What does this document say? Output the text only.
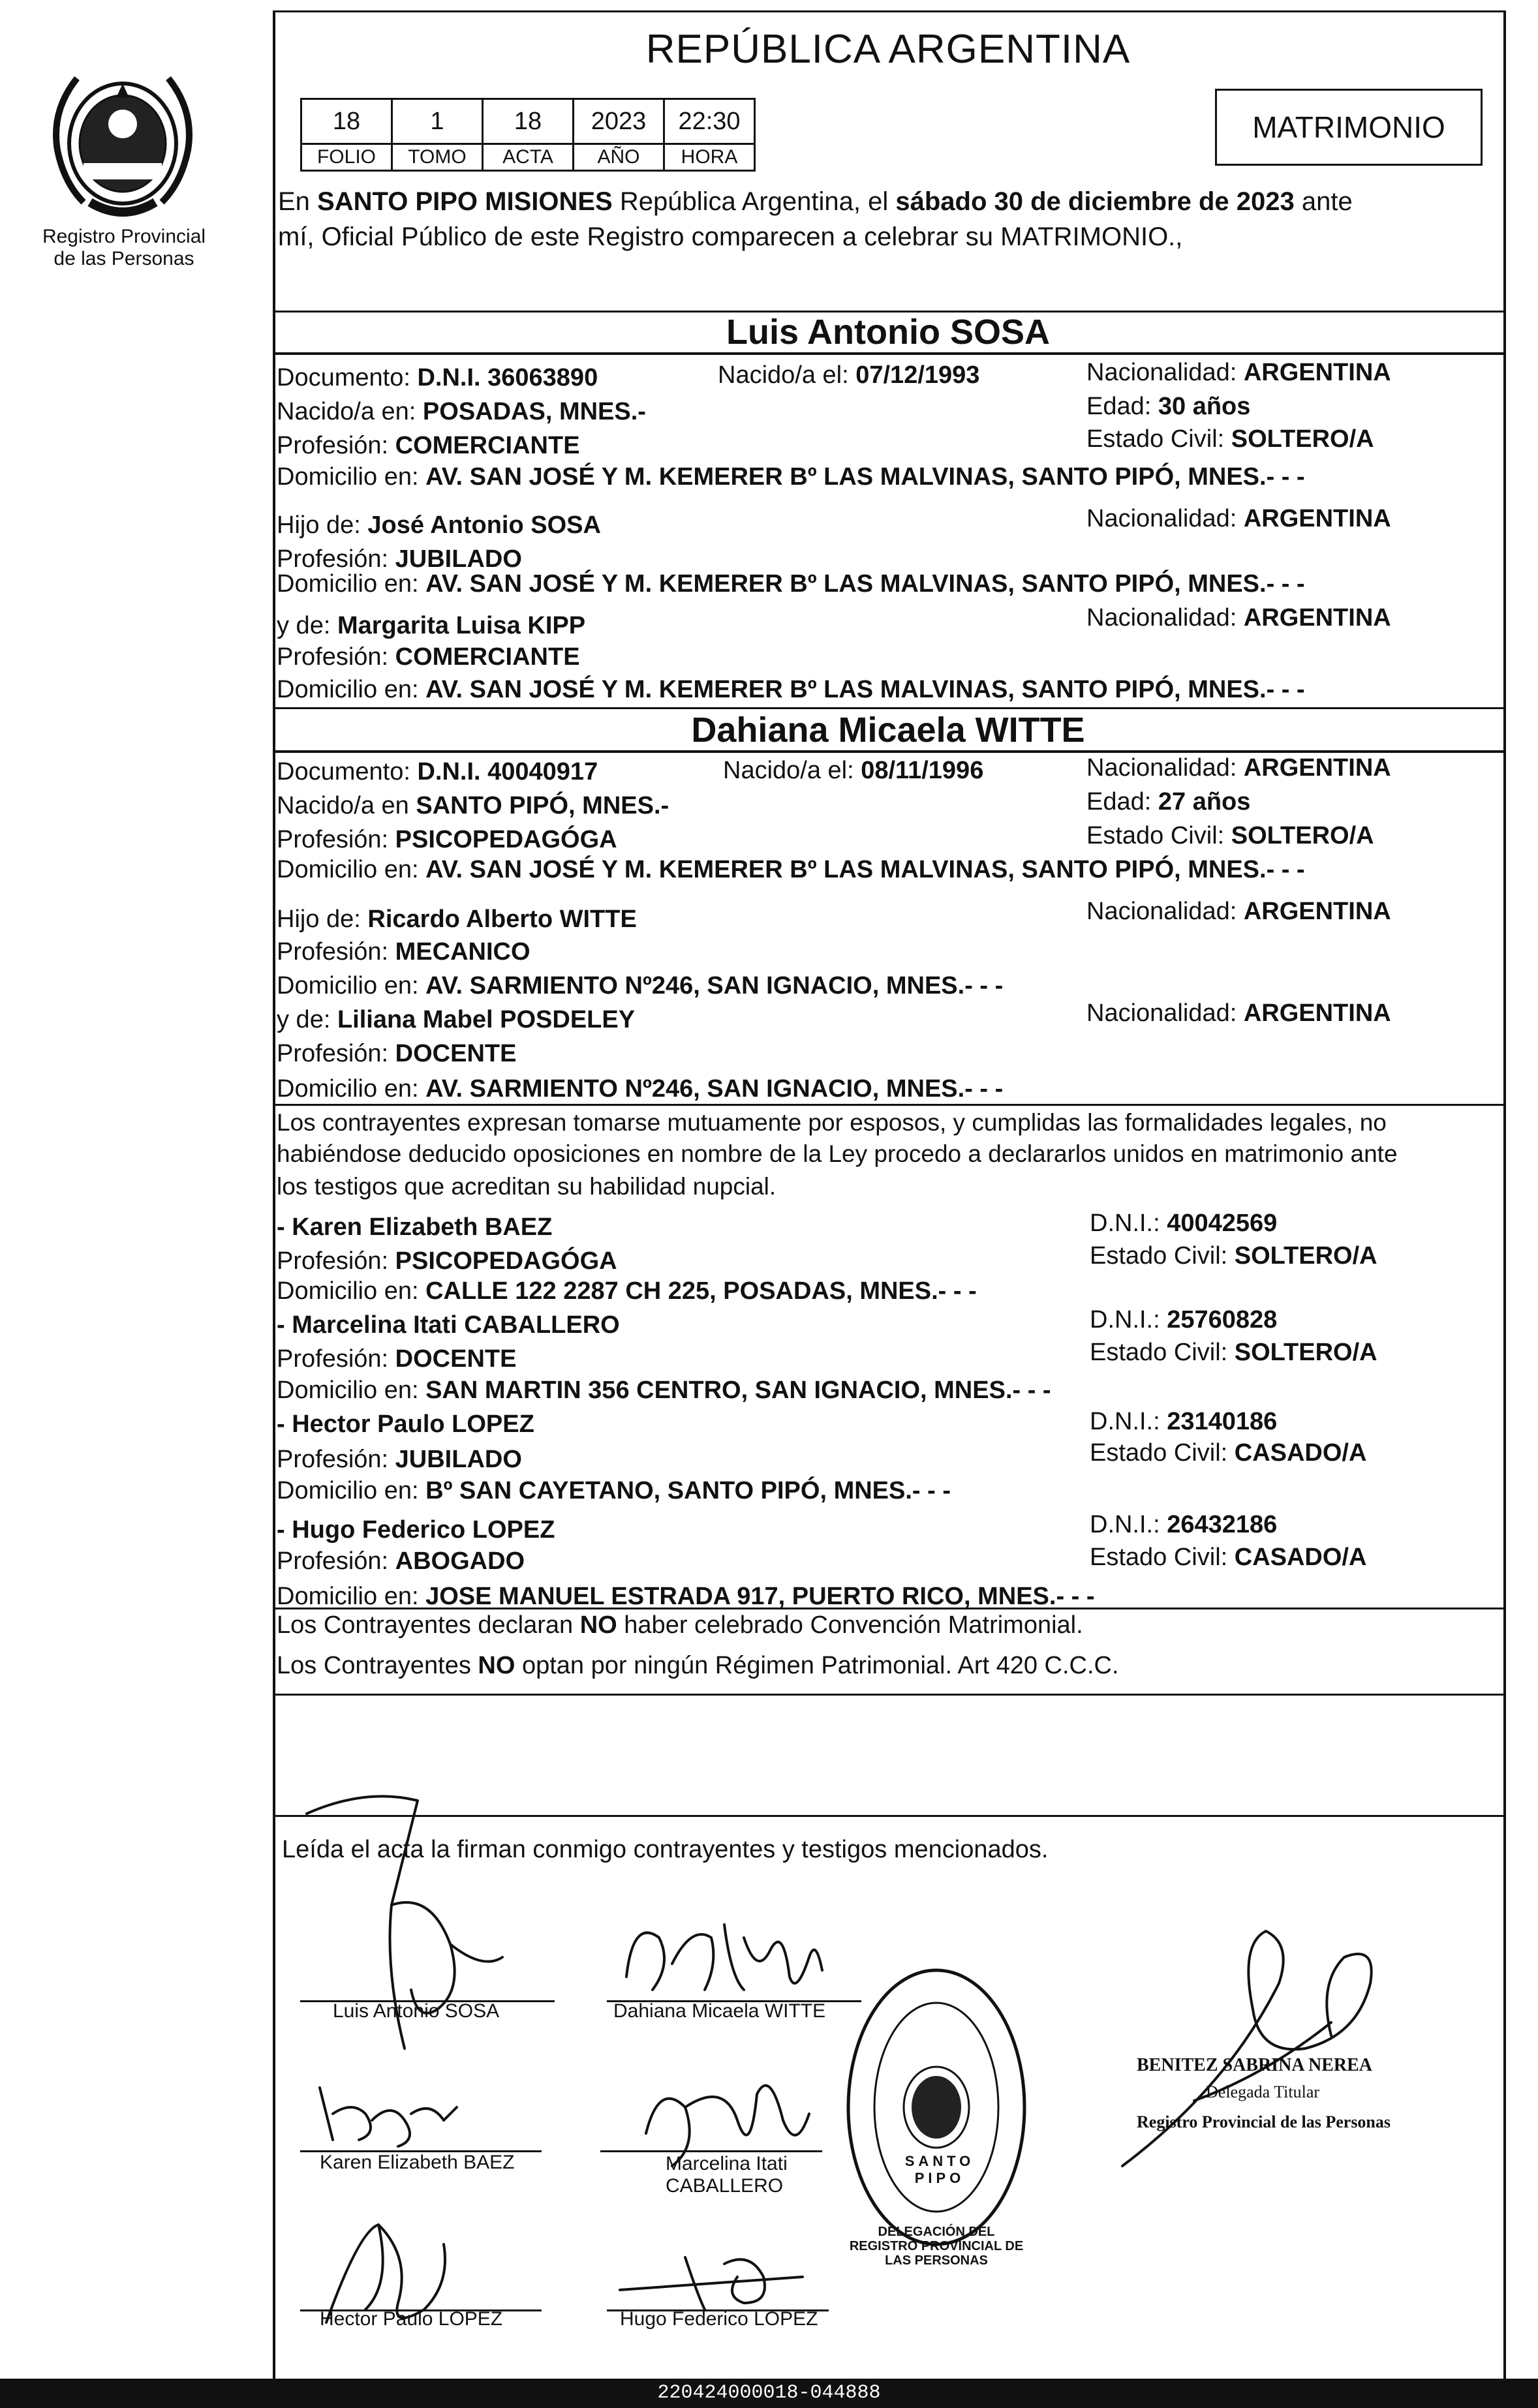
Registro Provincial
de las Personas
REPÚBLICA ARGENTINA
18	1	18	2023	22:30
FOLIO	TOMO	ACTA	AÑO	HORA
MATRIMONIO
En SANTO PIPO MISIONES República Argentina, el sábado 30 de diciembre de 2023 ante
mí, Oficial Público de este Registro comparecen a celebrar su MATRIMONIO.,
Luis Antonio SOSA
Documento: D.N.I. 36063890	Nacido/a el: 07/12/1993	Nacionalidad: ARGENTINA
Nacido/a en: POSADAS, MNES.-	Edad: 30 años
Profesión: COMERCIANTE	Estado Civil: SOLTERO/A
Domicilio en: AV. SAN JOSÉ Y M. KEMERER Bº LAS MALVINAS, SANTO PIPÓ, MNES.- - -
Hijo de: José Antonio SOSA	Nacionalidad: ARGENTINA
Profesión: JUBILADO
Domicilio en: AV. SAN JOSÉ Y M. KEMERER Bº LAS MALVINAS, SANTO PIPÓ, MNES.- - -
y de: Margarita Luisa KIPP	Nacionalidad: ARGENTINA
Profesión: COMERCIANTE
Domicilio en: AV. SAN JOSÉ Y M. KEMERER Bº LAS MALVINAS, SANTO PIPÓ, MNES.- - -
Dahiana Micaela WITTE
Documento: D.N.I. 40040917	Nacido/a el: 08/11/1996	Nacionalidad: ARGENTINA
Nacido/a en SANTO PIPÓ, MNES.-	Edad: 27 años
Profesión: PSICOPEDAGÓGA	Estado Civil: SOLTERO/A
Domicilio en: AV. SAN JOSÉ Y M. KEMERER Bº LAS MALVINAS, SANTO PIPÓ, MNES.- - -
Hijo de: Ricardo Alberto WITTE	Nacionalidad: ARGENTINA
Profesión: MECANICO
Domicilio en: AV. SARMIENTO Nº246, SAN IGNACIO, MNES.- - -
y de: Liliana Mabel POSDELEY	Nacionalidad: ARGENTINA
Profesión: DOCENTE
Domicilio en: AV. SARMIENTO Nº246, SAN IGNACIO, MNES.- - -
Los contrayentes expresan tomarse mutuamente por esposos, y cumplidas las formalidades legales, no
habiéndose deducido oposiciones en nombre de la Ley procedo a declararlos unidos en matrimonio ante
los testigos que acreditan su habilidad nupcial.
- Karen Elizabeth BAEZ	D.N.I.: 40042569
Profesión: PSICOPEDAGÓGA	Estado Civil: SOLTERO/A
Domicilio en: CALLE 122 2287 CH 225, POSADAS, MNES.- - -
- Marcelina Itati CABALLERO	D.N.I.: 25760828
Profesión: DOCENTE	Estado Civil: SOLTERO/A
Domicilio en: SAN MARTIN 356 CENTRO, SAN IGNACIO, MNES.- - -
- Hector Paulo LOPEZ	D.N.I.: 23140186
Profesión: JUBILADO	Estado Civil: CASADO/A
Domicilio en: Bº SAN CAYETANO, SANTO PIPÓ, MNES.- - -
- Hugo Federico LOPEZ	D.N.I.: 26432186
Profesión: ABOGADO	Estado Civil: CASADO/A
Domicilio en: JOSE MANUEL ESTRADA 917, PUERTO RICO, MNES.- - -
Los Contrayentes declaran NO haber celebrado Convención Matrimonial.
Los Contrayentes NO optan por ningún Régimen Patrimonial. Art 420 C.C.C.
Leída el acta la firman conmigo contrayentes y testigos mencionados.
Luis Antonio SOSA	Dahiana Micaela WITTE
Karen Elizabeth BAEZ	Marcelina Itati
CABALLERO
Hector Paulo LOPEZ	Hugo Federico LOPEZ
DELEGACIÓN DEL REGISTRO PROVINCIAL DE LAS PERSONAS
SANTO PIPO
BENITEZ SABRINA NEREA
Delegada Titular
Registro Provincial de las Personas
220424000018-044888
